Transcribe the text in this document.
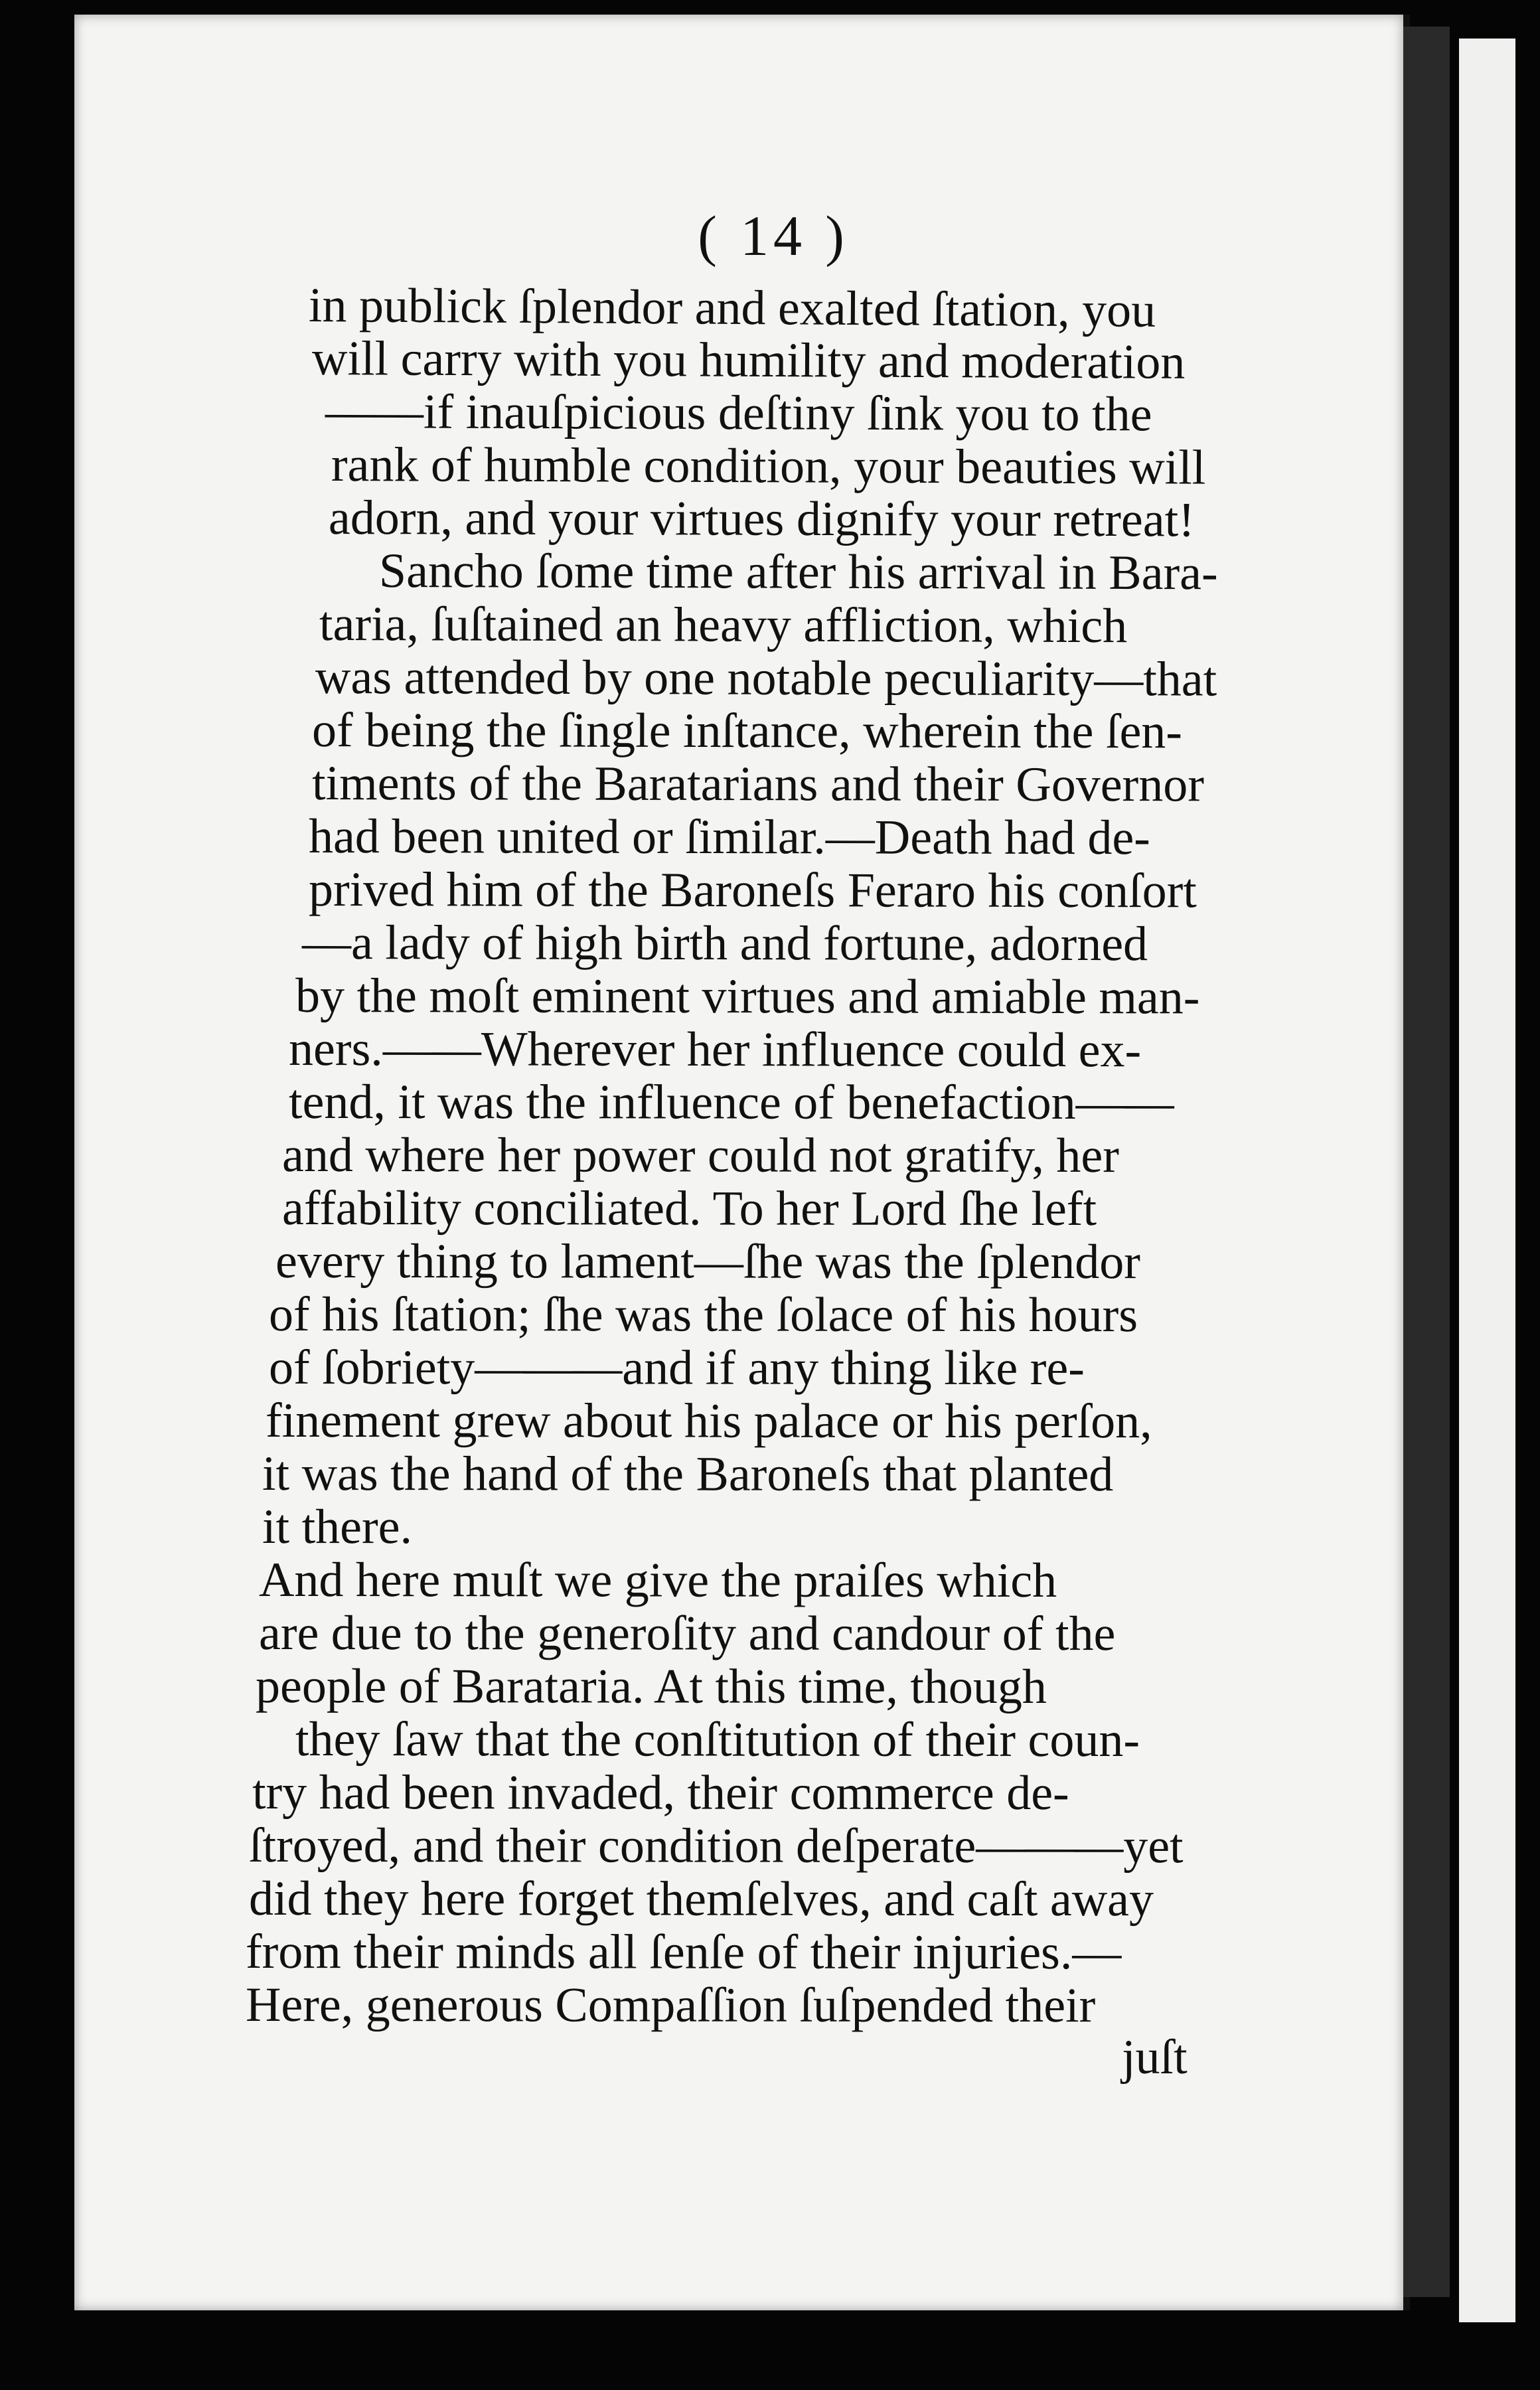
( 14 )
in publick ſplendor and exalted ſtation, you
will carry with you humility and moderation
——if inauſpicious deſtiny ſink you to the
rank of humble condition, your beauties will
adorn, and your virtues dignify your retreat!
Sancho ſome time after his arrival in Bara-
taria, ſuſtained an heavy affliction, which
was attended by one notable peculiarity—that
of being the ſingle inſtance, wherein the ſen-
timents of the Baratarians and their Governor
had been united or ſimilar.—Death had de-
prived him of the Baroneſs Feraro his conſort
—a lady of high birth and fortune, adorned
by the moſt eminent virtues and amiable man-
ners.——Wherever her influence could ex-
tend, it was the influence of benefaction——
and where her power could not gratify, her
affability conciliated. To her Lord ſhe left
every thing to lament—ſhe was the ſplendor
of his ſtation; ſhe was the ſolace of his hours
of ſobriety———and if any thing like re-
finement grew about his palace or his perſon,
it was the hand of the Baroneſs that planted
it there.
And here muſt we give the praiſes which
are due to the generoſity and candour of the
people of Barataria. At this time, though
they ſaw that the conſtitution of their coun-
try had been invaded, their commerce de-
ſtroyed, and their condition deſperate———yet
did they here forget themſelves, and caſt away
from their minds all ſenſe of their injuries.—
Here, generous Compaſſion ſuſpended their
juſt
